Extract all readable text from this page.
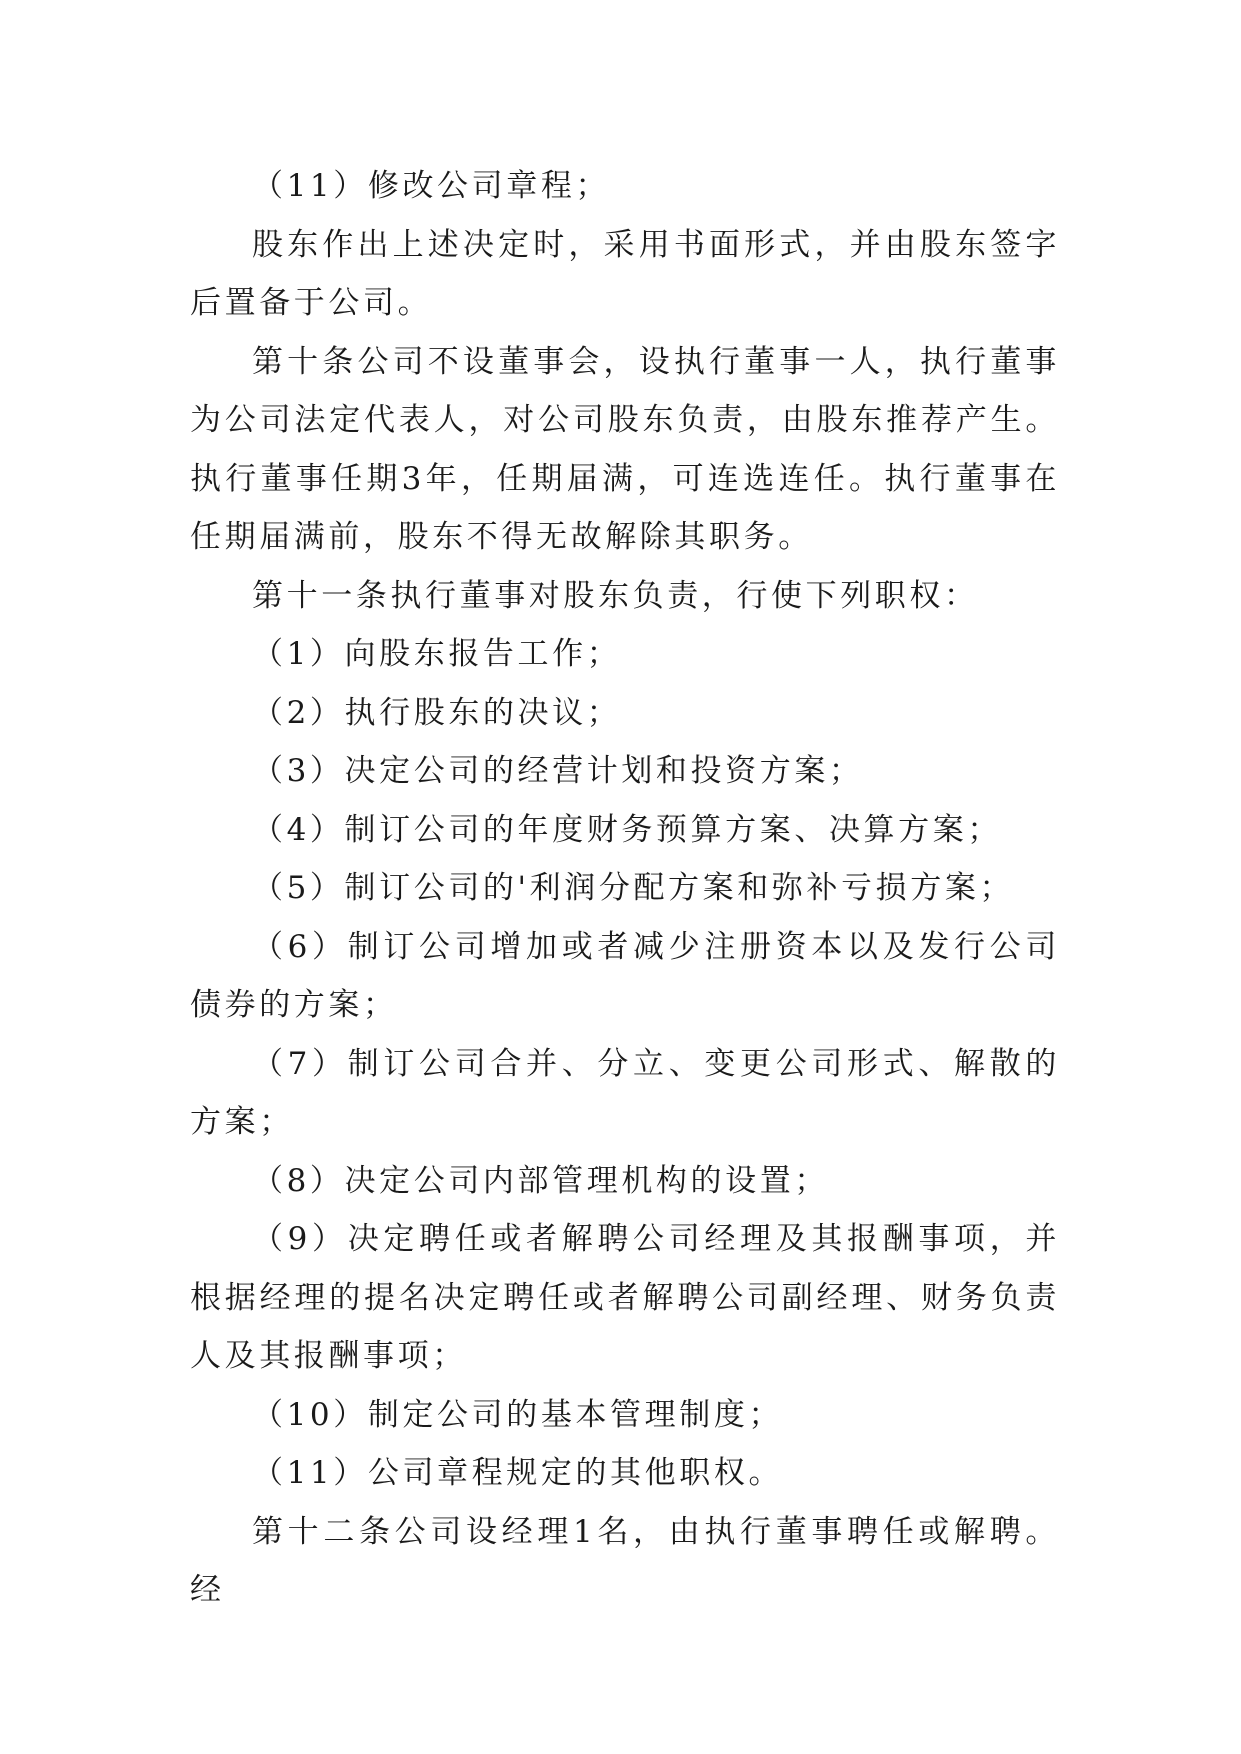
（11）修改公司章程；

股东作出上述决定时，采用书面形式，并由股东签字后置备于公司。

第十条公司不设董事会，设执行董事一人，执行董事为公司法定代表人，对公司股东负责，由股东推荐产生。执行董事任期3年，任期届满，可连选连任。执行董事在任期届满前，股东不得无故解除其职务。

第十一条执行董事对股东负责，行使下列职权：

（1）向股东报告工作；

（2）执行股东的决议；

（3）决定公司的经营计划和投资方案；

（4）制订公司的年度财务预算方案、决算方案；

（5）制订公司的'利润分配方案和弥补亏损方案；

（6）制订公司增加或者减少注册资本以及发行公司债券的方案；

（7）制订公司合并、分立、变更公司形式、解散的方案；

（8）决定公司内部管理机构的设置；

（9）决定聘任或者解聘公司经理及其报酬事项，并根据经理的提名决定聘任或者解聘公司副经理、财务负责人及其报酬事项；

（10）制定公司的基本管理制度；

（11）公司章程规定的其他职权。

第十二条公司设经理1名，由执行董事聘任或解聘。经
